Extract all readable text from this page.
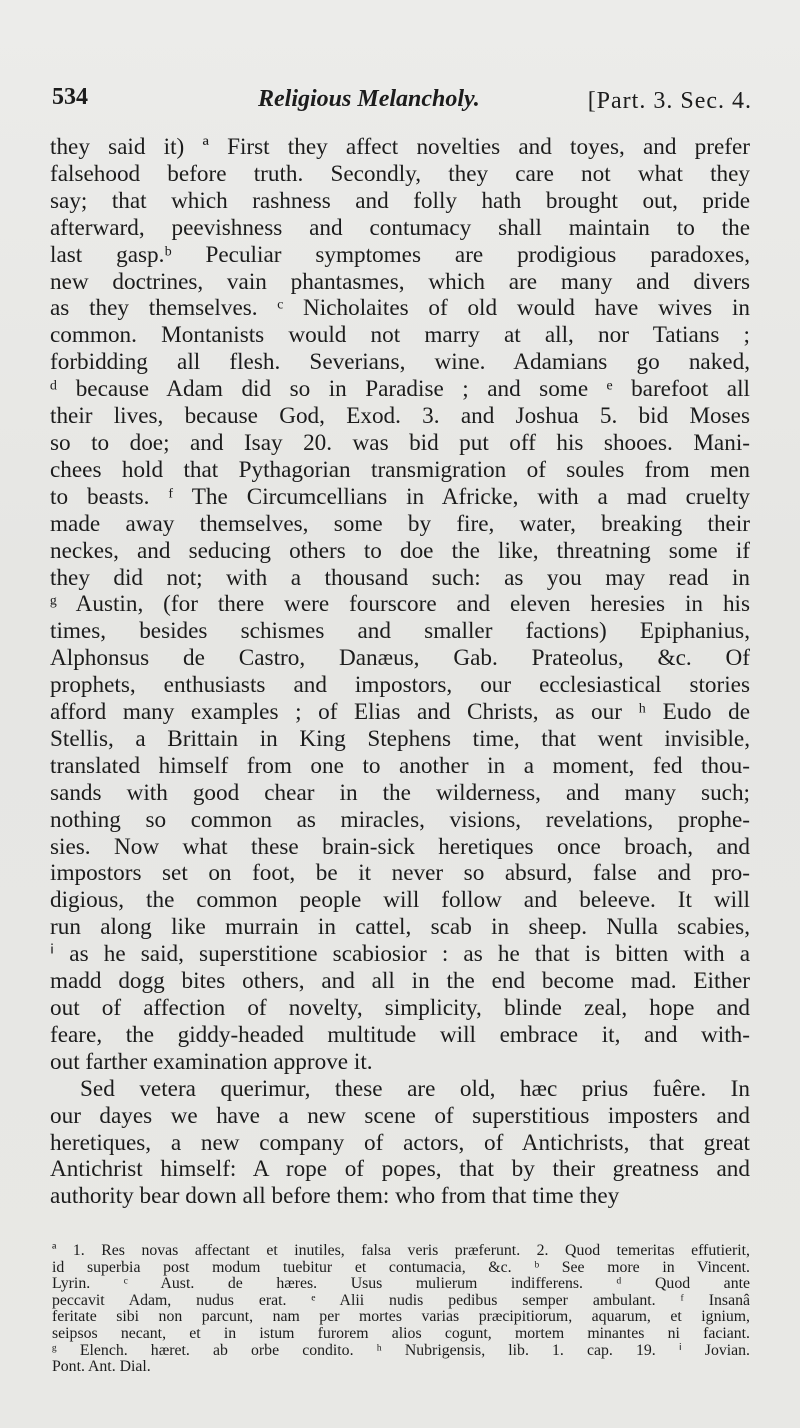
534	Religious Melancholy.	[Part. 3. Sec. 4.
they said it) ª First they affect novelties and toyes, and prefer
falsehood before truth. Secondly, they care not what they
say; that which rashness and folly hath brought out, pride
afterward, peevishness and contumacy shall maintain to the
last gasp.ᵇ Peculiar symptomes are prodigious paradoxes,
new doctrines, vain phantasmes, which are many and divers
as they themselves. ᶜ Nicholaites of old would have wives in
common. Montanists would not marry at all, nor Tatians ;
forbidding all flesh. Severians, wine. Adamians go naked,
ᵈ because Adam did so in Paradise ; and some ᵉ barefoot all
their lives, because God, Exod. 3. and Joshua 5. bid Moses
so to doe; and Isay 20. was bid put off his shooes. Mani-
chees hold that Pythagorian transmigration of soules from men
to beasts. ᶠ The Circumcellians in Africke, with a mad cruelty
made away themselves, some by fire, water, breaking their
neckes, and seducing others to doe the like, threatning some if
they did not; with a thousand such: as you may read in
ᵍ Austin, (for there were fourscore and eleven heresies in his
times, besides schismes and smaller factions) Epiphanius,
Alphonsus de Castro, Danæus, Gab. Prateolus, &c. Of
prophets, enthusiasts and impostors, our ecclesiastical stories
afford many examples ; of Elias and Christs, as our ʰ Eudo de
Stellis, a Brittain in King Stephens time, that went invisible,
translated himself from one to another in a moment, fed thou-
sands with good chear in the wilderness, and many such;
nothing so common as miracles, visions, revelations, prophe-
sies. Now what these brain-sick heretiques once broach, and
impostors set on foot, be it never so absurd, false and pro-
digious, the common people will follow and beleeve. It will
run along like murrain in cattel, scab in sheep. Nulla scabies,
ⁱ as he said, superstitione scabiosior : as he that is bitten with a
madd dogg bites others, and all in the end become mad. Either
out of affection of novelty, simplicity, blinde zeal, hope and
feare, the giddy-headed multitude will embrace it, and with-
out farther examination approve it.
Sed vetera querimur, these are old, hæc prius fuêre. In
our dayes we have a new scene of superstitious imposters and
heretiques, a new company of actors, of Antichrists, that great
Antichrist himself: A rope of popes, that by their greatness and
authority bear down all before them: who from that time they
ª 1. Res novas affectant et inutiles, falsa veris præferunt. 2. Quod temeritas effutierit,
id superbia post modum tuebitur et contumacia, &c. ᵇ See more in Vincent.
Lyrin. ᶜ Aust. de hæres. Usus mulierum indifferens. ᵈ Quod ante
peccavit Adam, nudus erat. ᵉ Alii nudis pedibus semper ambulant. ᶠ Insanâ
feritate sibi non parcunt, nam per mortes varias præcipitiorum, aquarum, et ignium,
seipsos necant, et in istum furorem alios cogunt, mortem minantes ni faciant.
ᵍ Elench. hæret. ab orbe condito. ʰ Nubrigensis, lib. 1. cap. 19. ⁱ Jovian.
Pont. Ant. Dial.
